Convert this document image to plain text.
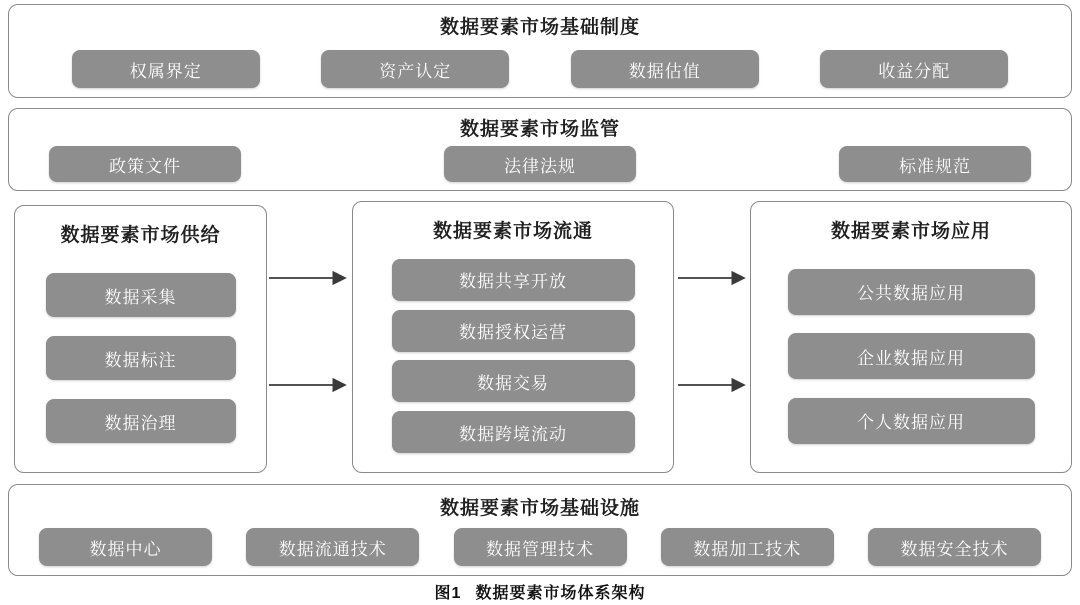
数据要素市场基础制度
权属界定	资产认定	数据估值	收益分配
数据要素市场监管
政策文件	法律法规	标准规范
数据要素市场供给
数据采集
数据标注
数据治理
数据要素市场流通
数据共享开放
数据授权运营
数据交易
数据跨境流动
数据要素市场应用
公共数据应用
企业数据应用
个人数据应用
数据要素市场基础设施
数据中心	数据流通技术	数据管理技术	数据加工技术	数据安全技术
图1 数据要素市场体系架构
